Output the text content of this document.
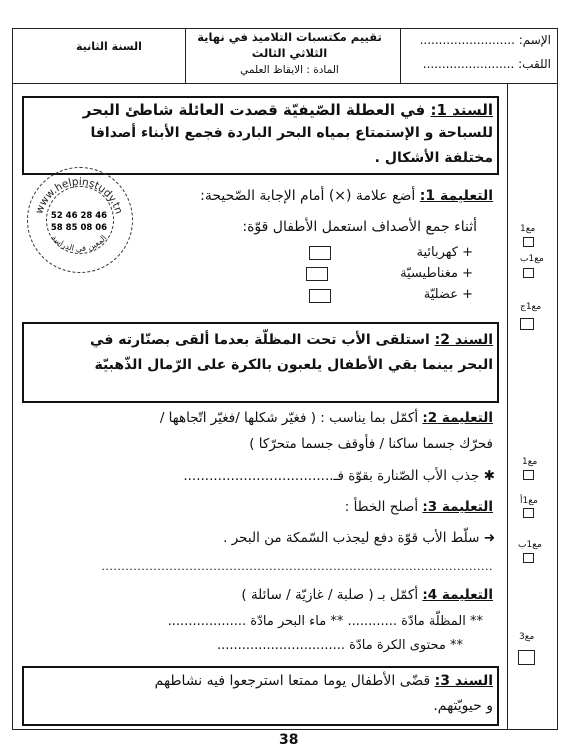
الإسم: .........................
اللقب: ........................
تقييم مكتسبات التلاميذ في نهاية
الثلاثي الثالث
المادة : الايقاظ العلمي
السنة الثانية
السند 1: في العطلة الصّيفيّة قصدت العائلة شاطئ البحر
للسباحة و الإستمتاع بمياه البحر الباردة فجمع الأبناء أصدافا
مختلفة الأشكال .
التعليمة 1: أضع علامة (×) أمام الإجابة الصّحيحة:
أثناء جمع الأصداف استعمل الأطفال قوّة:
+ كهربائية
+ مغناطيسيّة
+ عضليّة
www.helpinstudy.tn
المعين في الدراسة
52 46 28 46
58 85 08 06
السند 2: استلقى الأب تحت المظلّة بعدما ألقى بصنّارته في
البحر بينما بقي الأطفال يلعبون بالكرة على الرّمال الذّهبيّة
التعليمة 2: أكمّل بما يناسب : ( فغيّر شكلها /فغيّر اتّجاهها /
فحرّك جسما ساكنا / فأوقف جسما متحرّكا )
✱ جذب الأب الصّنارة بقوّة فـ...................................
التعليمة 3: أصلح الخطأ :
➜ سلّط الأب قوّة دفع ليجذب السّمكة من البحر .
..................................................................................................
التعليمة 4: أكمّل بـ ( صلبة / غازيّة / سائلة )
** المظلّة مادّة ............ ** ماء البحر مادّة ...................
** محتوى الكرة مادّة ...............................
السند 3: قضّى الأطفال يوما ممتعا استرجعوا فيه نشاطهم
و حيويّتهم.
مع1
مع1ب
مع1ج
مع1
مع1أ
مع1ب
مع3
38
